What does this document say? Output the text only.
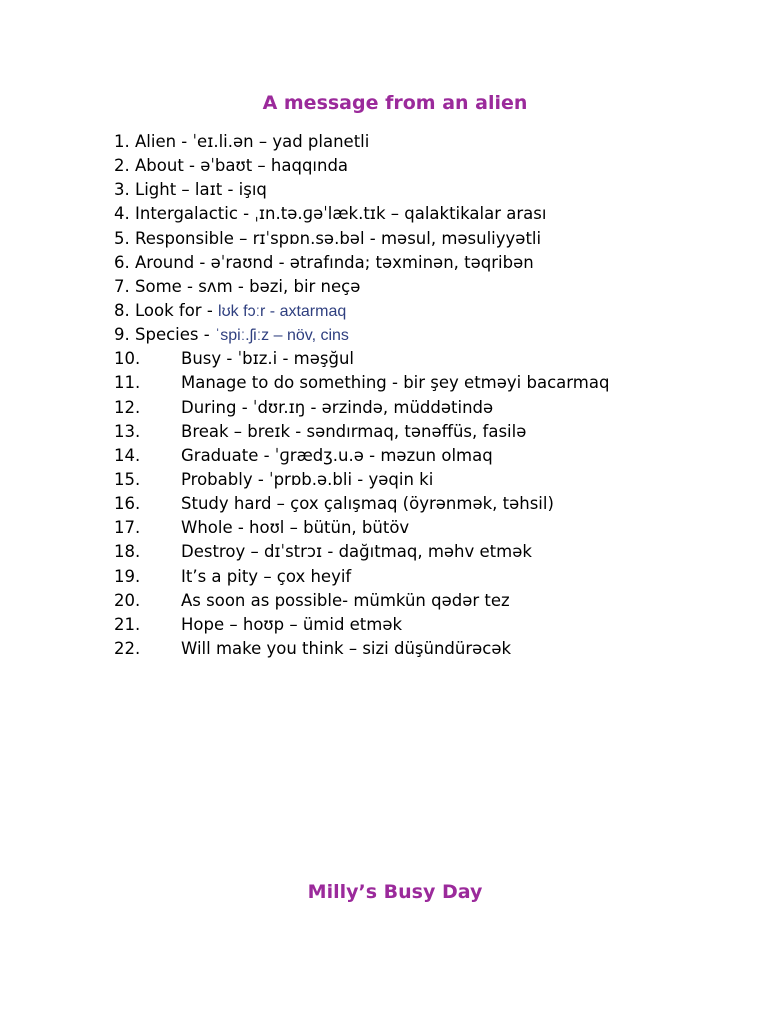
A message from an alien
1. Alien - ˈeɪ.li.ən – yad planetli
2. About - əˈbaʊt – haqqında
3. Light – laɪt - işıq
4. Intergalactic - ˌɪn.tə.ɡəˈlæk.tɪk – qalaktikalar arası
5. Responsible – rɪˈspɒn.sə.bəl - məsul, məsuliyyətli
6. Around - əˈraʊnd - ətrafında; təxminən, təqribən
7. Some - sʌm - bəzi, bir neçə
8. Look for - lʊk fɔːr - axtarmaq
9. Species - ˈspiː.ʃiːz – növ, cins
10. Busy - ˈbɪz.i - məşğul
11. Manage to do something - bir şey etməyi bacarmaq
12. During - ˈdʊr.ɪŋ - ərzində, müddətində
13. Break – breɪk - səndırmaq, tənəffüs, fasilə
14. Graduate - ˈɡrædʒ.u.ə - məzun olmaq
15. Probably - ˈprɒb.ə.bli - yəqin ki
16. Study hard – çox çalışmaq (öyrənmək, təhsil)
17. Whole - hoʊl – bütün, bütöv
18. Destroy – dɪˈstrɔɪ - dağıtmaq, məhv etmək
19. It’s a pity – çox heyif
20. As soon as possible- mümkün qədər tez
21. Hope – hoʊp – ümid etmək
22. Will make you think – sizi düşündürəcək
Milly’s Busy Day
